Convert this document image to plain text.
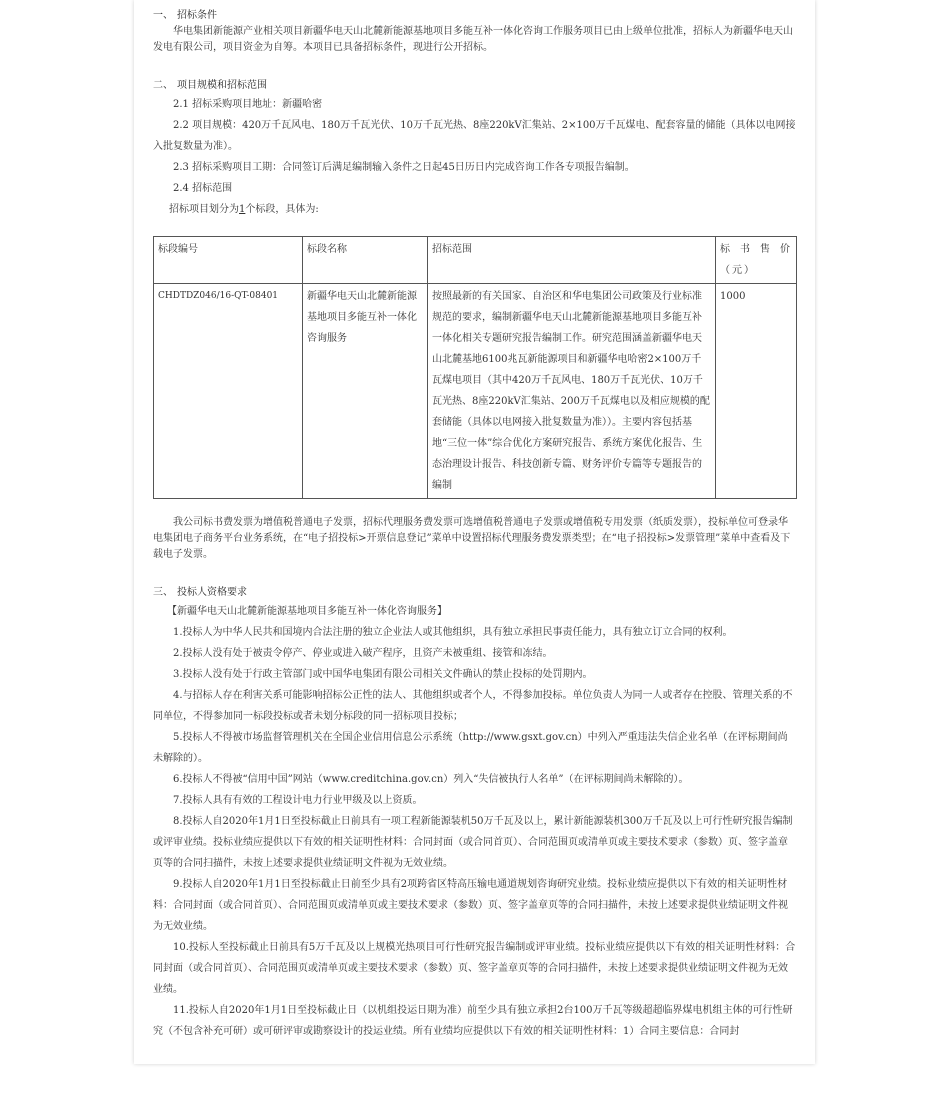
一、 招标条件

华电集团新能源产业相关项目新疆华电天山北麓新能源基地项目多能互补一体化咨询工作服务项目已由上级单位批准，招标人为新疆华电天山发电有限公司，项目资金为自筹。本项目已具备招标条件，现进行公开招标。

二、 项目规模和招标范围

2.1 招标采购项目地址：新疆哈密

2.2 项目规模：420万千瓦风电、180万千瓦光伏、10万千瓦光热、8座220kV汇集站、2×100万千瓦煤电、配套容量的储能（具体以电网接入批复数量为准）。

2.3 招标采购项目工期：合同签订后满足编制输入条件之日起45日历日内完成咨询工作各专项报告编制。

2.4 招标范围

招标项目划分为1个标段，具体为:

标段编号	标段名称	招标范围	标 书 售 价（元）
CHDTDZ046/16-QT-08401	新疆华电天山北麓新能源基地项目多能互补一体化咨询服务	按照最新的有关国家、自治区和华电集团公司政策及行业标准规范的要求，编制新疆华电天山北麓新能源基地项目多能互补一体化相关专题研究报告编制工作。研究范围涵盖新疆华电天山北麓基地6100兆瓦新能源项目和新疆华电哈密2×100万千瓦煤电项目（其中420万千瓦风电、180万千瓦光伏、10万千瓦光热、8座220kV汇集站、200万千瓦煤电以及相应规模的配套储能（具体以电网接入批复数量为准））。主要内容包括基地“三位一体”综合优化方案研究报告、系统方案优化报告、生态治理设计报告、科技创新专篇、财务评价专篇等专题报告的编制	1000

我公司标书费发票为增值税普通电子发票，招标代理服务费发票可选增值税普通电子发票或增值税专用发票（纸质发票），投标单位可登录华电集团电子商务平台业务系统，在“电子招投标>开票信息登记”菜单中设置招标代理服务费发票类型；在“电子招投标>发票管理”菜单中查看及下载电子发票。

三、 投标人资格要求

【新疆华电天山北麓新能源基地项目多能互补一体化咨询服务】

1.投标人为中华人民共和国境内合法注册的独立企业法人或其他组织，具有独立承担民事责任能力，具有独立订立合同的权利。

2.投标人没有处于被责令停产、停业或进入破产程序，且资产未被重组、接管和冻结。

3.投标人没有处于行政主管部门或中国华电集团有限公司相关文件确认的禁止投标的处罚期内。

4.与招标人存在利害关系可能影响招标公正性的法人、其他组织或者个人，不得参加投标。单位负责人为同一人或者存在控股、管理关系的不同单位，不得参加同一标段投标或者未划分标段的同一招标项目投标；

5.投标人不得被市场监督管理机关在全国企业信用信息公示系统（http://www.gsxt.gov.cn）中列入严重违法失信企业名单（在评标期间尚未解除的）。

6.投标人不得被“信用中国”网站（www.creditchina.gov.cn）列入“失信被执行人名单”（在评标期间尚未解除的）。

7.投标人具有有效的工程设计电力行业甲级及以上资质。

8.投标人自2020年1月1日至投标截止日前具有一项工程新能源装机50万千瓦及以上，累计新能源装机300万千瓦及以上可行性研究报告编制或评审业绩。投标业绩应提供以下有效的相关证明性材料：合同封面（或合同首页）、合同范围页或清单页或主要技术要求（参数）页、签字盖章页等的合同扫描件，未按上述要求提供业绩证明文件视为无效业绩。

9.投标人自2020年1月1日至投标截止日前至少具有2项跨省区特高压输电通道规划咨询研究业绩。投标业绩应提供以下有效的相关证明性材料：合同封面（或合同首页）、合同范围页或清单页或主要技术要求（参数）页、签字盖章页等的合同扫描件，未按上述要求提供业绩证明文件视为无效业绩。

10.投标人至投标截止日前具有5万千瓦及以上规模光热项目可行性研究报告编制或评审业绩。投标业绩应提供以下有效的相关证明性材料：合同封面（或合同首页）、合同范围页或清单页或主要技术要求（参数）页、签字盖章页等的合同扫描件，未按上述要求提供业绩证明文件视为无效业绩。

11.投标人自2020年1月1日至投标截止日（以机组投运日期为准）前至少具有独立承担2台100万千瓦等级超超临界煤电机组主体的可行性研究（不包含补充可研）或可研评审或勘察设计的投运业绩。所有业绩均应提供以下有效的相关证明性材料：1）合同主要信息：合同封
